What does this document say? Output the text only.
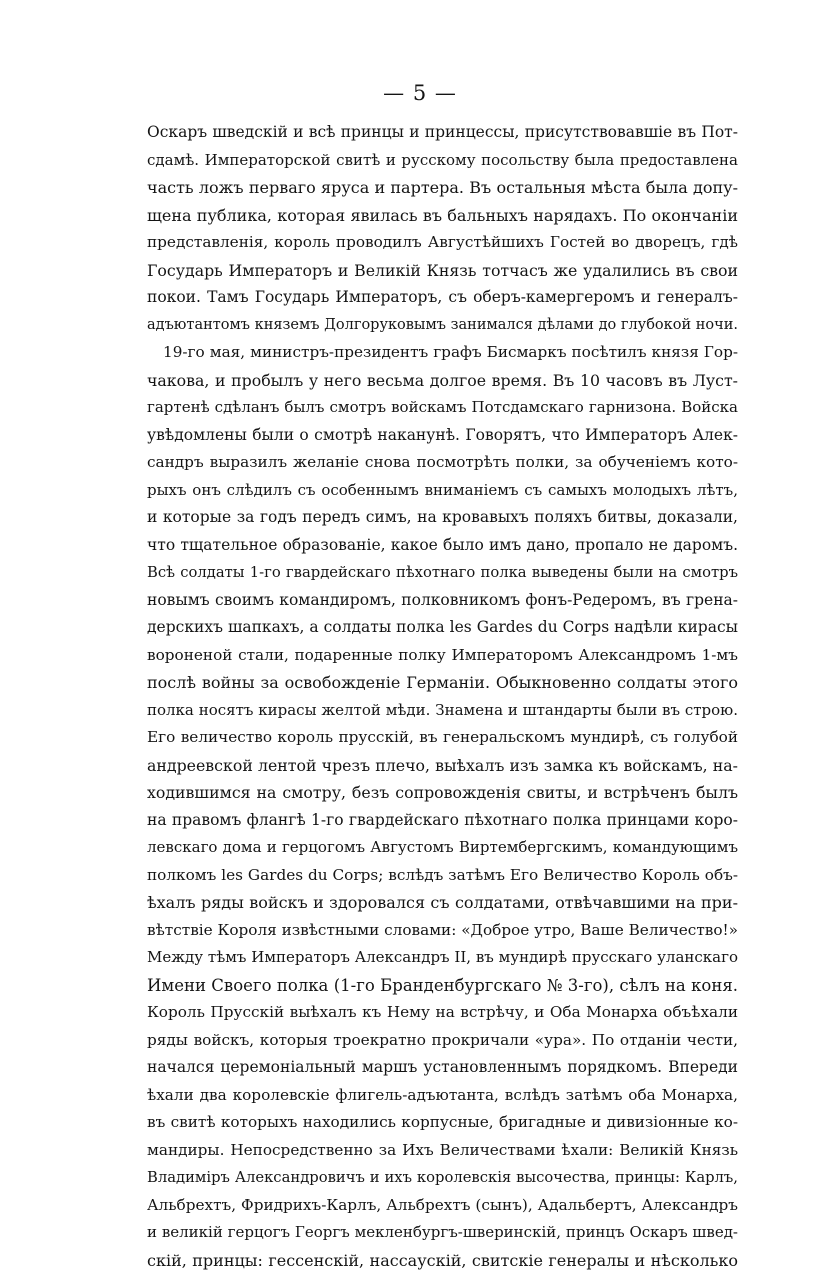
— 5 —
Оскаръ шведскій и всѣ принцы и принцессы, присутствовавшіе въ Пот-
сдамѣ. Императорской свитѣ и русскому посольству была предоставлена
часть ложъ перваго яруса и партера. Въ остальныя мѣста была допу-
щена публика, которая явилась въ бальныхъ нарядахъ. По окончаніи
представленія, король проводилъ Августѣйшихъ Гостей во дворецъ, гдѣ
Государь Императоръ и Великій Князь тотчасъ же удалились въ свои
покои. Тамъ Государь Императоръ, съ оберъ-камергеромъ и генералъ-
адъютантомъ княземъ Долгоруковымъ занимался дѣлами до глубокой ночи.
19-го мая, министръ-президентъ графъ Бисмаркъ посѣтилъ князя Гор-
чакова, и пробылъ у него весьма долгое время. Въ 10 часовъ въ Луст-
гартенѣ сдѣланъ былъ смотръ войскамъ Потсдамскаго гарнизона. Войска
увѣдомлены были о смотрѣ наканунѣ. Говорятъ, что Императоръ Алек-
сандръ выразилъ желаніе снова посмотрѣть полки, за обученіемъ кото-
рыхъ онъ слѣдилъ съ особеннымъ вниманіемъ съ самыхъ молодыхъ лѣтъ,
и которые за годъ передъ симъ, на кровавыхъ поляхъ битвы, доказали,
что тщательное образованіе, какое было имъ дано, пропало не даромъ.
Всѣ солдаты 1-го гвардейскаго пѣхотнаго полка выведены были на смотръ
новымъ своимъ командиромъ, полковникомъ фонъ-Редеромъ, въ грена-
дерскихъ шапкахъ, а солдаты полка les Gardes du Corps надѣли кирасы
вороненой стали, подаренные полку Императоромъ Александромъ 1-мъ
послѣ войны за освобожденіе Германіи. Обыкновенно солдаты этого
полка носятъ кирасы желтой мѣди. Знамена и штандарты были въ строю.
Его величество король прусскій, въ генеральскомъ мундирѣ, съ голубой
андреевской лентой чрезъ плечо, выѣхалъ изъ замка къ войскамъ, на-
ходившимся на смотру, безъ сопровожденія свиты, и встрѣченъ былъ
на правомъ флангѣ 1-го гвардейскаго пѣхотнаго полка принцами коро-
левскаго дома и герцогомъ Августомъ Виртембергскимъ, командующимъ
полкомъ les Gardes du Corps; вслѣдъ затѣмъ Его Величество Король объ-
ѣхалъ ряды войскъ и здоровался съ солдатами, отвѣчавшими на при-
вѣтствіе Короля извѣстными словами: «Доброе утро, Ваше Величество!»
Между тѣмъ Императоръ Александръ II, въ мундирѣ прусскаго уланскаго
Имени Своего полка (1-го Бранденбургскаго № 3-го), сѣлъ на коня.
Король Прусскій выѣхалъ къ Нему на встрѣчу, и Оба Монарха объѣхали
ряды войскъ, которыя троекратно прокричали «ура». По отданіи чести,
начался церемоніальный маршъ установленнымъ порядкомъ. Впереди
ѣхали два королевскіе флигель-адъютанта, вслѣдъ затѣмъ оба Монарха,
въ свитѣ которыхъ находились корпусные, бригадные и дивизіонные ко-
мандиры. Непосредственно за Ихъ Величествами ѣхали: Великій Князь
Владиміръ Александровичъ и ихъ королевскія высочества, принцы: Карлъ,
Альбрехтъ, Фридрихъ-Карлъ, Альбрехтъ (сынъ), Адальбертъ, Александръ
и великій герцогъ Георгъ мекленбургъ-шверинскій, принцъ Оскаръ швед-
скій, принцы: гессенскій, нассаускій, свитскіе генералы и нѣсколько
